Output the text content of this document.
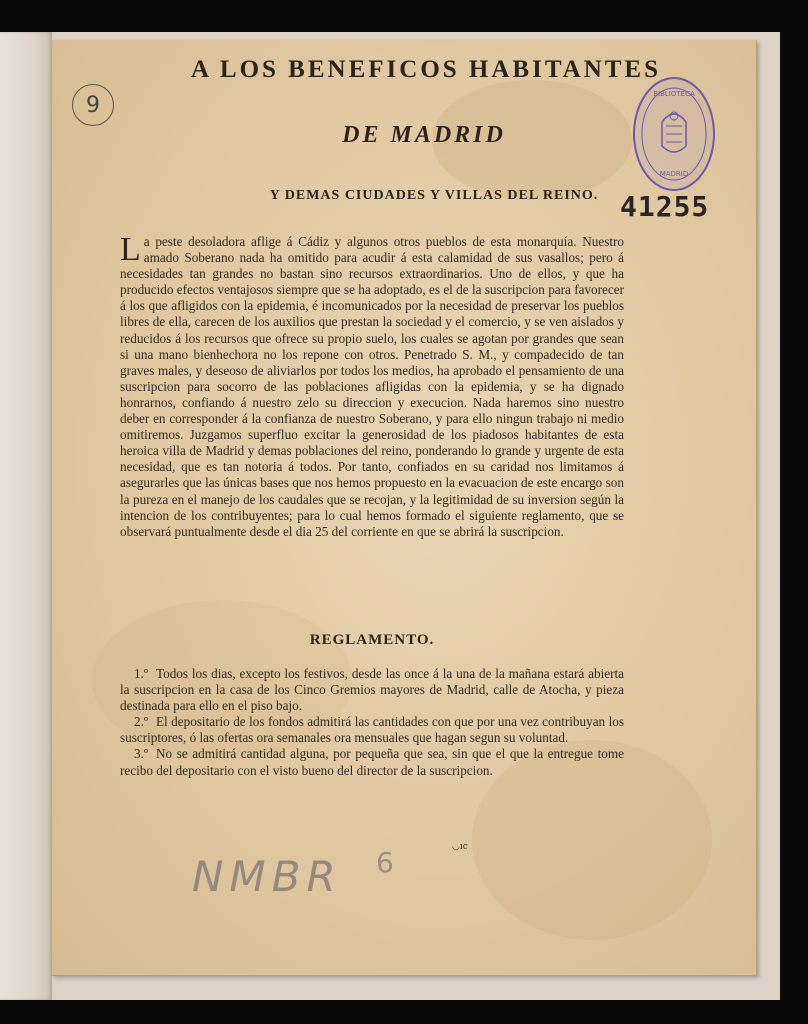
9
A LOS BENEFICOS HABITANTES
DE MADRID
Y DEMAS CIUDADES Y VILLAS DEL REINO.
BIBLIOTECA
MADRID
41255

La peste desoladora aflige á Cádiz y algunos otros pueblos de esta monarquía. Nuestro amado Soberano nada ha omitido para acudir á esta calamidad de sus vasallos; pero á necesidades tan grandes no bastan sino recursos extraordinarios. Uno de ellos, y que ha producido efectos ventajosos siempre que se ha adoptado, es el de la suscripcion para favorecer á los que afligidos con la epidemia, é incomunicados por la necesidad de preservar los pueblos libres de ella, carecen de los auxilios que prestan la sociedad y el comercio, y se ven aislados y reducidos á los recursos que ofrece su propio suelo, los cuales se agotan por grandes que sean si una mano bienhechora no los repone con otros. Penetrado S. M., y compadecido de tan graves males, y deseoso de aliviarlos por todos los medios, ha aprobado el pensamiento de una suscripcion para socorro de las poblaciones afligidas con la epidemia, y se ha dignado honrarnos, confiando á nuestro zelo su direccion y execucion. Nada haremos sino nuestro deber en corresponder á la confianza de nuestro Soberano, y para ello ningun trabajo ni medio omitiremos. Juzgamos superfluo excitar la generosidad de los piadosos habitantes de esta heroica villa de Madrid y demas poblaciones del reino, ponderando lo grande y urgente de esta necesidad, que es tan notoria á todos. Por tanto, confiados en su caridad nos limitamos á asegurarles que las únicas bases que nos hemos propuesto en la evacuacion de este encargo son la pureza en el manejo de los caudales que se recojan, y la legitimidad de su inversion según la intencion de los contribuyentes; para lo cual hemos formado el siguiente reglamento, que se observará puntualmente desde el dia 25 del corriente en que se abrirá la suscripcion.

REGLAMENTO.
1.º Todos los dias, excepto los festivos, desde las once á la una de la mañana estará abierta la suscripcion en la casa de los Cinco Gremios mayores de Madrid, calle de Atocha, y pieza destinada para ello en el piso bajo.
2.º El depositario de los fondos admitirá las cantidades con que por una vez contribuyan los suscriptores, ó las ofertas ora semanales ora mensuales que hagan segun su voluntad.
3.º No se admitirá cantidad alguna, por pequeña que sea, sin que el que la entregue tome recibo del depositario con el visto bueno del director de la suscripcion.
◡ıc
NMBR 6
